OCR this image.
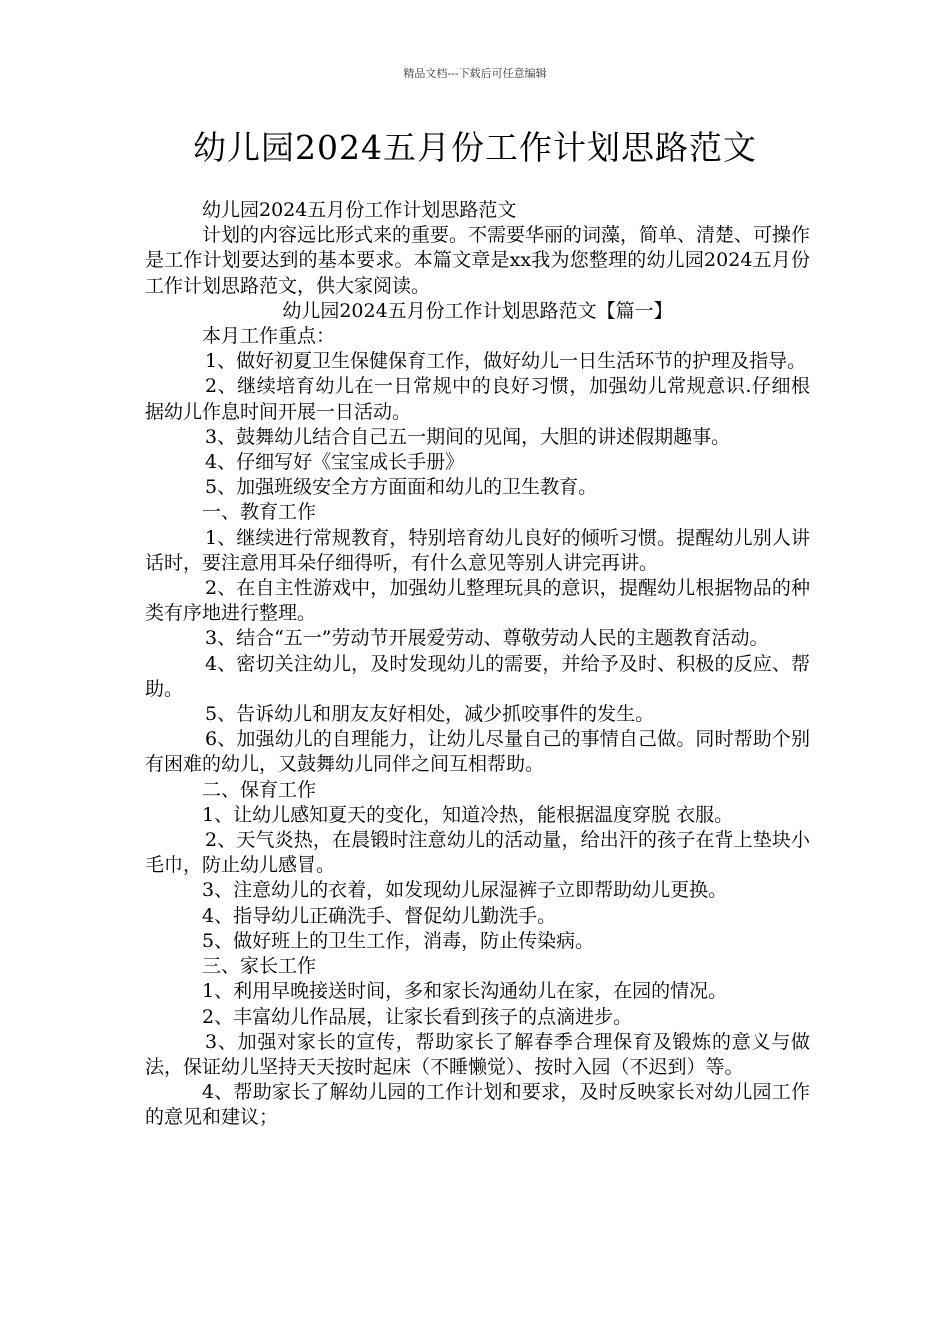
精品文档---下载后可任意编辑
幼儿园2024五月份工作计划思路范文

幼儿园2024五月份工作计划思路范文

计划的内容远比形式来的重要。不需要华丽的词藻，简单、清楚、可操作是工作计划要达到的基本要求。本篇文章是xx我为您整理的幼儿园2024五月份工作计划思路范文，供大家阅读。

幼儿园2024五月份工作计划思路范文【篇一】

本月工作重点：

1、做好初夏卫生保健保育工作，做好幼儿一日生活环节的护理及指导。

2、继续培育幼儿在一日常规中的良好习惯，加强幼儿常规意识.仔细根据幼儿作息时间开展一日活动。

3、鼓舞幼儿结合自己五一期间的见闻，大胆的讲述假期趣事。

4、仔细写好《宝宝成长手册》

5、加强班级安全方方面面和幼儿的卫生教育。

一、教育工作

1、继续进行常规教育，特别培育幼儿良好的倾听习惯。提醒幼儿别人讲话时，要注意用耳朵仔细得听，有什么意见等别人讲完再讲。

2、在自主性游戏中，加强幼儿整理玩具的意识，提醒幼儿根据物品的种类有序地进行整理。

3、结合“五一”劳动节开展爱劳动、尊敬劳动人民的主题教育活动。

4、密切关注幼儿，及时发现幼儿的需要，并给予及时、积极的反应、帮助。

5、告诉幼儿和朋友友好相处，减少抓咬事件的发生。

6、加强幼儿的自理能力，让幼儿尽量自己的事情自己做。同时帮助个别有困难的幼儿，又鼓舞幼儿同伴之间互相帮助。

二、保育工作

1、让幼儿感知夏天的变化，知道冷热，能根据温度穿脱 衣服。

2、天气炎热，在晨锻时注意幼儿的活动量，给出汗的孩子在背上垫块小毛巾，防止幼儿感冒。

3、注意幼儿的衣着，如发现幼儿尿湿裤子立即帮助幼儿更换。

4、指导幼儿正确洗手、督促幼儿勤洗手。

5、做好班上的卫生工作，消毒，防止传染病。

三、家长工作

1、利用早晚接送时间，多和家长沟通幼儿在家，在园的情况。

2、丰富幼儿作品展，让家长看到孩子的点滴进步。

3、加强对家长的宣传，帮助家长了解春季合理保育及锻炼的意义与做法，保证幼儿坚持天天按时起床（不睡懒觉）、按时入园（不迟到）等。

4、帮助家长了解幼儿园的工作计划和要求，及时反映家长对幼儿园工作的意见和建议；
